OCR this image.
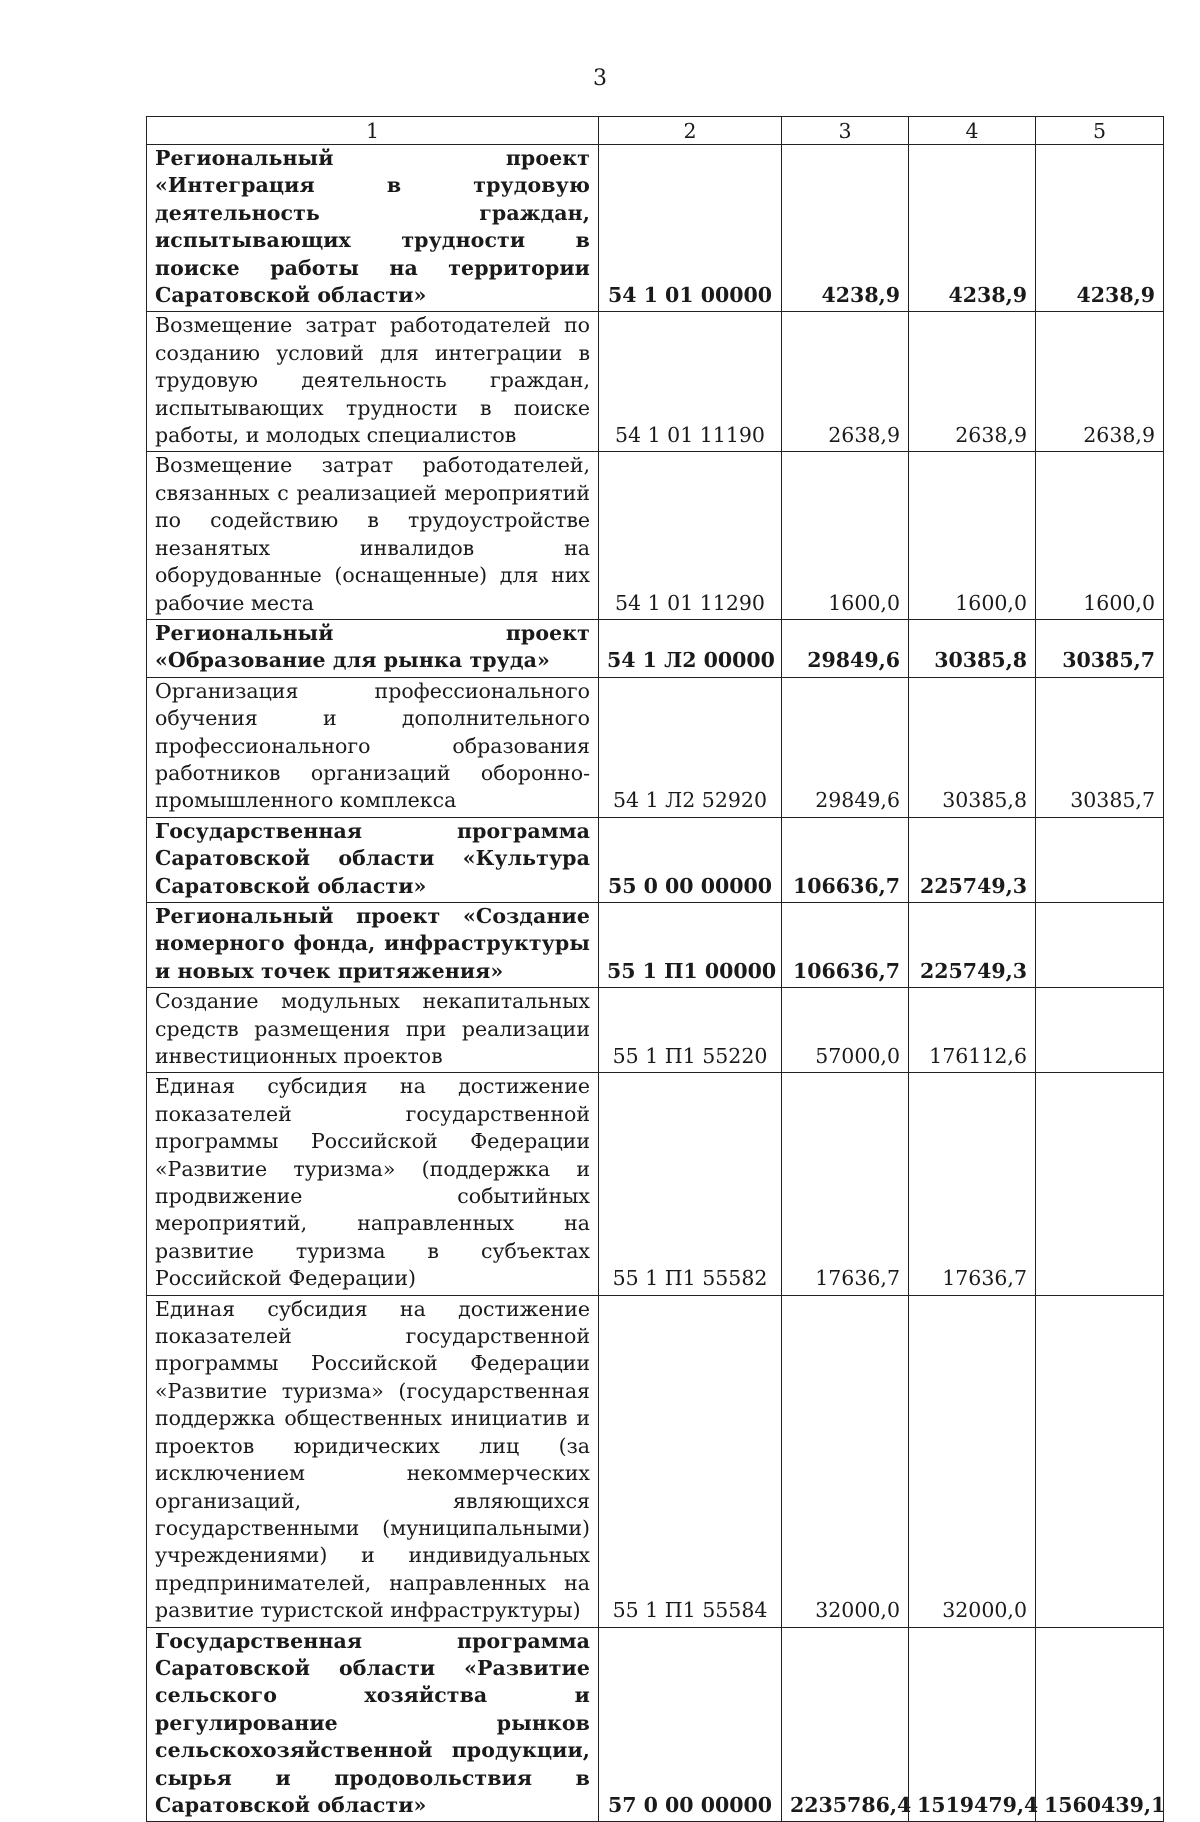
3
1	2	3	4	5
Региональный проект «Интеграция в трудовую деятельность граждан, испытывающих трудности в поиске работы на территории Саратовской области»	54 1 01 00000	4238,9	4238,9	4238,9
Возмещение затрат работодателей по созданию условий для интеграции в трудовую деятельность граждан, испытывающих трудности в поиске работы, и молодых специалистов	54 1 01 11190	2638,9	2638,9	2638,9
Возмещение затрат работодателей, связанных с реализацией мероприятий по содействию в трудоустройстве незанятых инвалидов на оборудованные (оснащенные) для них рабочие места	54 1 01 11290	1600,0	1600,0	1600,0
Региональный проект «Образование для рынка труда»	54 1 Л2 00000	29849,6	30385,8	30385,7
Организация профессионального обучения и дополнительного профессионального образования работников организаций оборонно-промышленного комплекса	54 1 Л2 52920	29849,6	30385,8	30385,7
Государственная программа Саратовской области «Культура Саратовской области»	55 0 00 00000	106636,7	225749,3	
Региональный проект «Создание номерного фонда, инфраструктуры и новых точек притяжения»	55 1 П1 00000	106636,7	225749,3	
Создание модульных некапитальных средств размещения при реализации инвестиционных проектов	55 1 П1 55220	57000,0	176112,6	
Единая субсидия на достижение показателей государственной программы Российской Федерации «Развитие туризма» (поддержка и продвижение событийных мероприятий, направленных на развитие туризма в субъектах Российской Федерации)	55 1 П1 55582	17636,7	17636,7	
Единая субсидия на достижение показателей государственной программы Российской Федерации «Развитие туризма» (государственная поддержка общественных инициатив и проектов юридических лиц (за исключением некоммерческих организаций, являющихся государственными (муниципальными) учреждениями) и индивидуальных предпринимателей, направленных на развитие туристской инфраструктуры)	55 1 П1 55584	32000,0	32000,0	
Государственная программа Саратовской области «Развитие сельского хозяйства и регулирование рынков сельскохозяйственной продукции, сырья и продовольствия в Саратовской области»	57 0 00 00000	2235786,4	1519479,4	1560439,1
